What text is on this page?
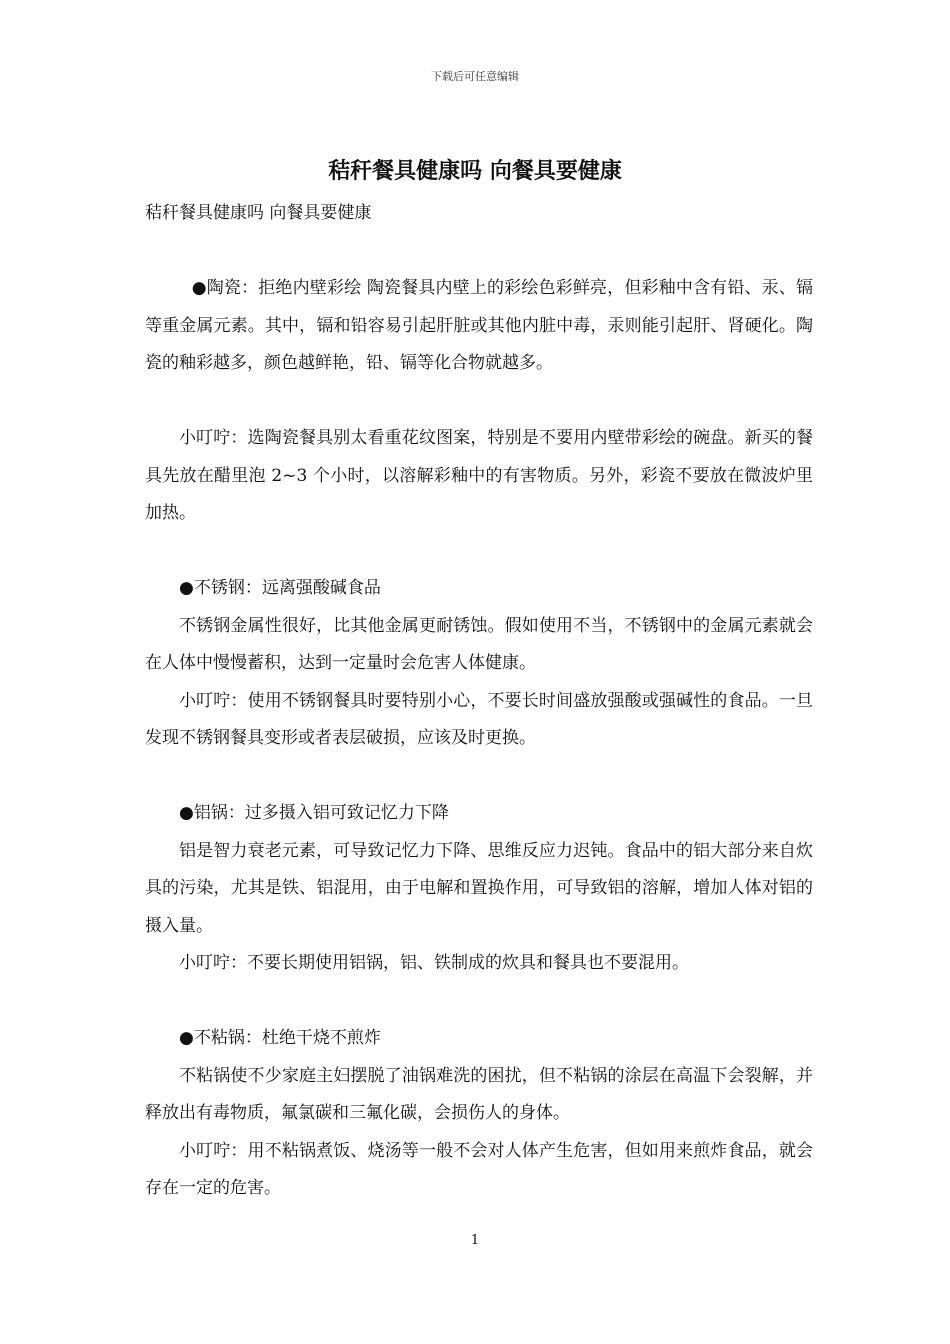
下载后可任意编辑
秸秆餐具健康吗 向餐具要健康

秸秆餐具健康吗 向餐具要健康

●陶瓷：拒绝内壁彩绘 陶瓷餐具内壁上的彩绘色彩鲜亮，但彩釉中含有铅、汞、镉等重金属元素。其中，镉和铅容易引起肝脏或其他内脏中毒，汞则能引起肝、肾硬化。陶瓷的釉彩越多，颜色越鲜艳，铅、镉等化合物就越多。

小叮咛：选陶瓷餐具别太看重花纹图案，特别是不要用内壁带彩绘的碗盘。新买的餐具先放在醋里泡 2~3 个小时，以溶解彩釉中的有害物质。另外，彩瓷不要放在微波炉里加热。

●不锈钢：远离强酸碱食品

不锈钢金属性很好，比其他金属更耐锈蚀。假如使用不当，不锈钢中的金属元素就会在人体中慢慢蓄积，达到一定量时会危害人体健康。

小叮咛：使用不锈钢餐具时要特别小心，不要长时间盛放强酸或强碱性的食品。一旦发现不锈钢餐具变形或者表层破损，应该及时更换。

●铝锅：过多摄入铝可致记忆力下降

铝是智力衰老元素，可导致记忆力下降、思维反应力迟钝。食品中的铝大部分来自炊具的污染，尤其是铁、铝混用，由于电解和置换作用，可导致铝的溶解，增加人体对铝的摄入量。

小叮咛：不要长期使用铝锅，铝、铁制成的炊具和餐具也不要混用。

●不粘锅：杜绝干烧不煎炸

不粘锅使不少家庭主妇摆脱了油锅难洗的困扰，但不粘锅的涂层在高温下会裂解，并释放出有毒物质，氟氯碳和三氟化碳，会损伤人的身体。

小叮咛：用不粘锅煮饭、烧汤等一般不会对人体产生危害，但如用来煎炸食品，就会存在一定的危害。

1
